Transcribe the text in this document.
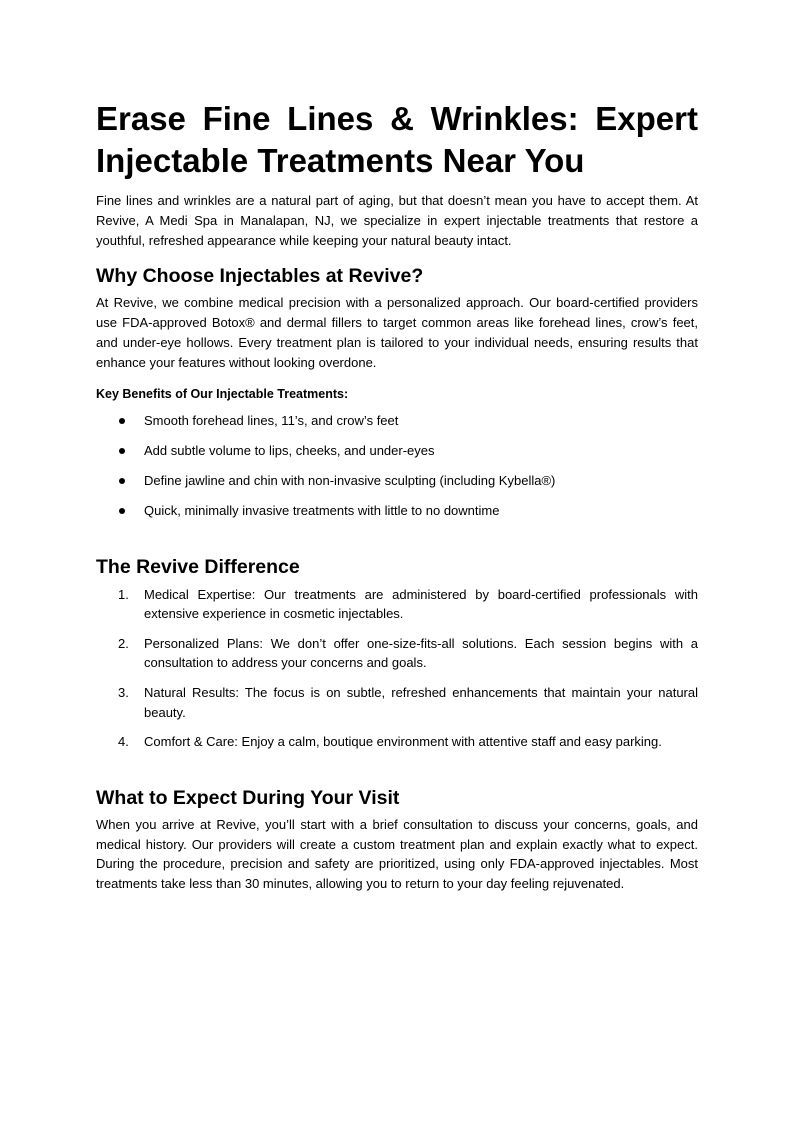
Erase Fine Lines & Wrinkles: Expert Injectable Treatments Near You

Fine lines and wrinkles are a natural part of aging, but that doesn’t mean you have to accept them. At Revive, A Medi Spa in Manalapan, NJ, we specialize in expert injectable treatments that restore a youthful, refreshed appearance while keeping your natural beauty intact.

Why Choose Injectables at Revive?

At Revive, we combine medical precision with a personalized approach. Our board-certified providers use FDA-approved Botox® and dermal fillers to target common areas like forehead lines, crow’s feet, and under-eye hollows. Every treatment plan is tailored to your individual needs, ensuring results that enhance your features without looking overdone.

Key Benefits of Our Injectable Treatments:
Smooth forehead lines, 11’s, and crow’s feet
Add subtle volume to lips, cheeks, and under-eyes
Define jawline and chin with non-invasive sculpting (including Kybella®)
Quick, minimally invasive treatments with little to no downtime
The Revive Difference
1. Medical Expertise: Our treatments are administered by board-certified professionals with extensive experience in cosmetic injectables.
2. Personalized Plans: We don’t offer one-size-fits-all solutions. Each session begins with a consultation to address your concerns and goals.
3. Natural Results: The focus is on subtle, refreshed enhancements that maintain your natural beauty.
4. Comfort & Care: Enjoy a calm, boutique environment with attentive staff and easy parking.
What to Expect During Your Visit

When you arrive at Revive, you’ll start with a brief consultation to discuss your concerns, goals, and medical history. Our providers will create a custom treatment plan and explain exactly what to expect. During the procedure, precision and safety are prioritized, using only FDA-approved injectables. Most treatments take less than 30 minutes, allowing you to return to your day feeling rejuvenated.
